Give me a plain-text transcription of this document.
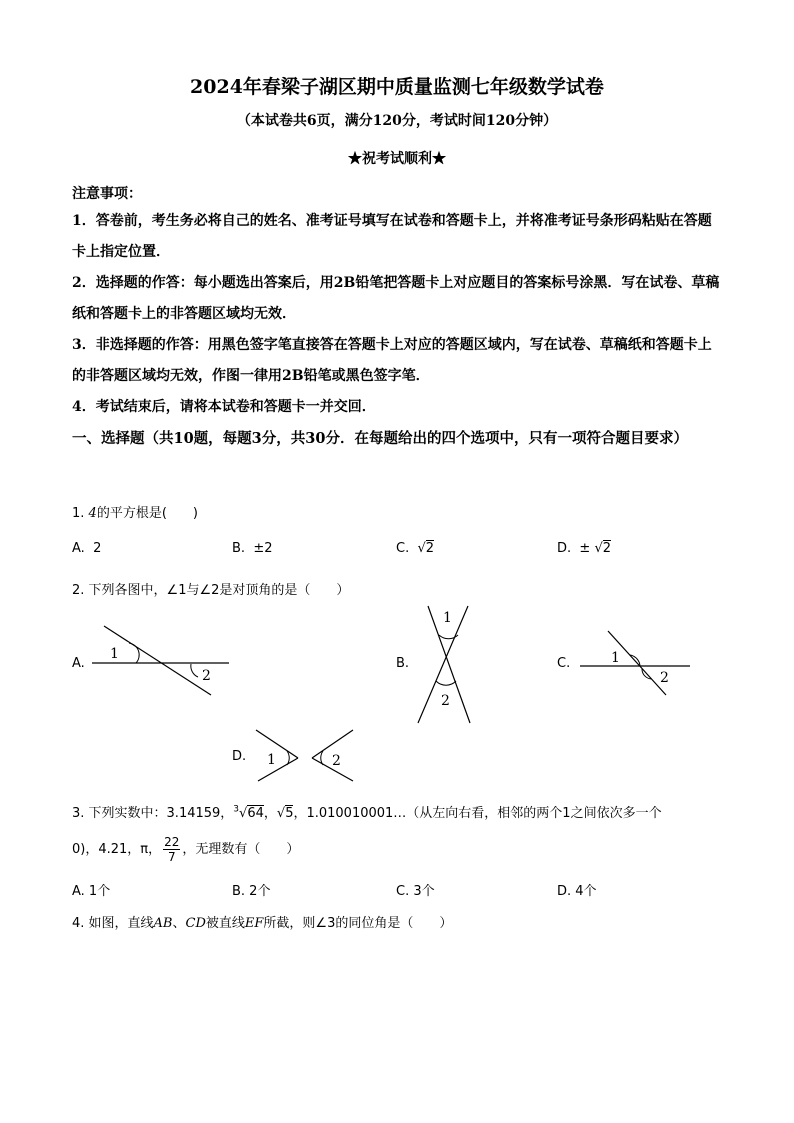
2024年春梁子湖区期中质量监测七年级数学试卷
（本试卷共6页，满分120分，考试时间120分钟）
★祝考试顺利★
注意事项：
1．答卷前，考生务必将自己的姓名、准考证号填写在试卷和答题卡上，并将准考证号条形码粘贴在答题卡上指定位置．
2．选择题的作答：每小题选出答案后，用2B铅笔把答题卡上对应题目的答案标号涂黑．写在试卷、草稿纸和答题卡上的非答题区域均无效．
3．非选择题的作答：用黑色签字笔直接答在答题卡上对应的答题区域内，写在试卷、草稿纸和答题卡上的非答题区域均无效，作图一律用2B铅笔或黑色签字笔．
4．考试结束后，请将本试卷和答题卡一并交回．
一、选择题（共10题，每题3分，共30分．在每题给出的四个选项中，只有一项符合题目要求）
1. 4的平方根是(　　)
A. 2	B. ±2	C. √2	D. ± √2
2. 下列各图中，∠1与∠2是对顶角的是（　　）
A.
1
2
B.
1
2
C.	1
2
D. 1	2
3. 下列实数中：3.14159，$^3$√64，√5，1.010010001…（从左向右看，相邻的两个1之间依次多一个
0)，4.21，π， $\frac{22}{7}$ ，无理数有（　　）
A. 1个	B. 2个	C. 3个	D. 4个
4. 如图，直线AB、CD被直线EF所截，则∠3的同位角是（　　）
